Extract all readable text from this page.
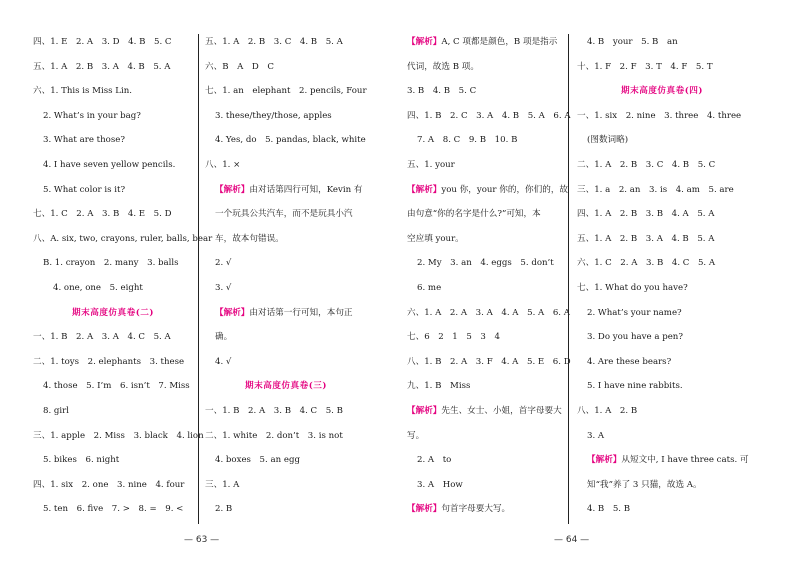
四、1. E　2. A　3. D　4. B　5. C
五、1. A　2. B　3. A　4. B　5. A
六、1. This is Miss Lin.
2. What’s in your bag?
3. What are those?
4. I have seven yellow pencils.
5. What color is it?
七、1. C　2. A　3. B　4. E　5. D
八、A. six, two, crayons, ruler, balls, bear
B. 1. crayon　2. many　3. balls
4. one, one　5. eight
期末高度仿真卷(二)
一、1. B　2. A　3. A　4. C　5. A
二、1. toys　2. elephants　3. these
4. those　5. I’m　6. isn’t　7. Miss
8. girl
三、1. apple　2. Miss　3. black　4. lion
5. bikes　6. night
四、1. six　2. one　3. nine　4. four
5. ten　6. five　7. >　8. =　9. <
五、1. A　2. B　3. C　4. B　5. A
六、B　A　D　C
七、1. an　elephant　2. pencils, Four
3. these/they/those, apples
4. Yes, do　5. pandas, black, white
八、1. ×
【解析】由对话第四行可知，Kevin 有
一个玩具公共汽车，而不是玩具小汽
车，故本句错误。
2. √
3. √
【解析】由对话第一行可知，本句正
确。
4. √
期末高度仿真卷(三)
一、1. B　2. A　3. B　4. C　5. B
二、1. white　2. don’t　3. is not
4. boxes　5. an egg
三、1. A
2. B
【解析】A, C 项都是颜色，B 项是指示
代词，故选 B 项。
3. B　4. B　5. C
四、1. B　2. C　3. A　4. B　5. A　6. A
7. A　8. C　9. B　10. B
五、1. your
【解析】you 你，your 你的，你们的，故
由句意“你的名字是什么?”可知，本
空应填 your。
2. My　3. an　4. eggs　5. don’t
6. me
六、1. A　2. A　3. A　4. A　5. A　6. A
七、6　2　1　5　3　4
八、1. B　2. A　3. F　4. A　5. E　6. D
九、1. B　Miss
【解析】先生、女士、小姐，首字母要大
写。
2. A　to
3. A　How
【解析】句首字母要大写。
4. B　your　5. B　an
十、1. F　2. F　3. T　4. F　5. T
期末高度仿真卷(四)
一、1. six　2. nine　3. three　4. three
(图数词略)
二、1. A　2. B　3. C　4. B　5. C
三、1. a　2. an　3. is　4. am　5. are
四、1. A　2. B　3. B　4. A　5. A
五、1. A　2. B　3. A　4. B　5. A
六、1. C　2. A　3. B　4. C　5. A
七、1. What do you have?
2. What’s your name?
3. Do you have a pen?
4. Are these bears?
5. I have nine rabbits.
八、1. A　2. B
3. A
【解析】从短文中, I have three cats. 可
知“我”养了 3 只猫，故选 A。
4. B　5. B
— 63 —	— 64 —
